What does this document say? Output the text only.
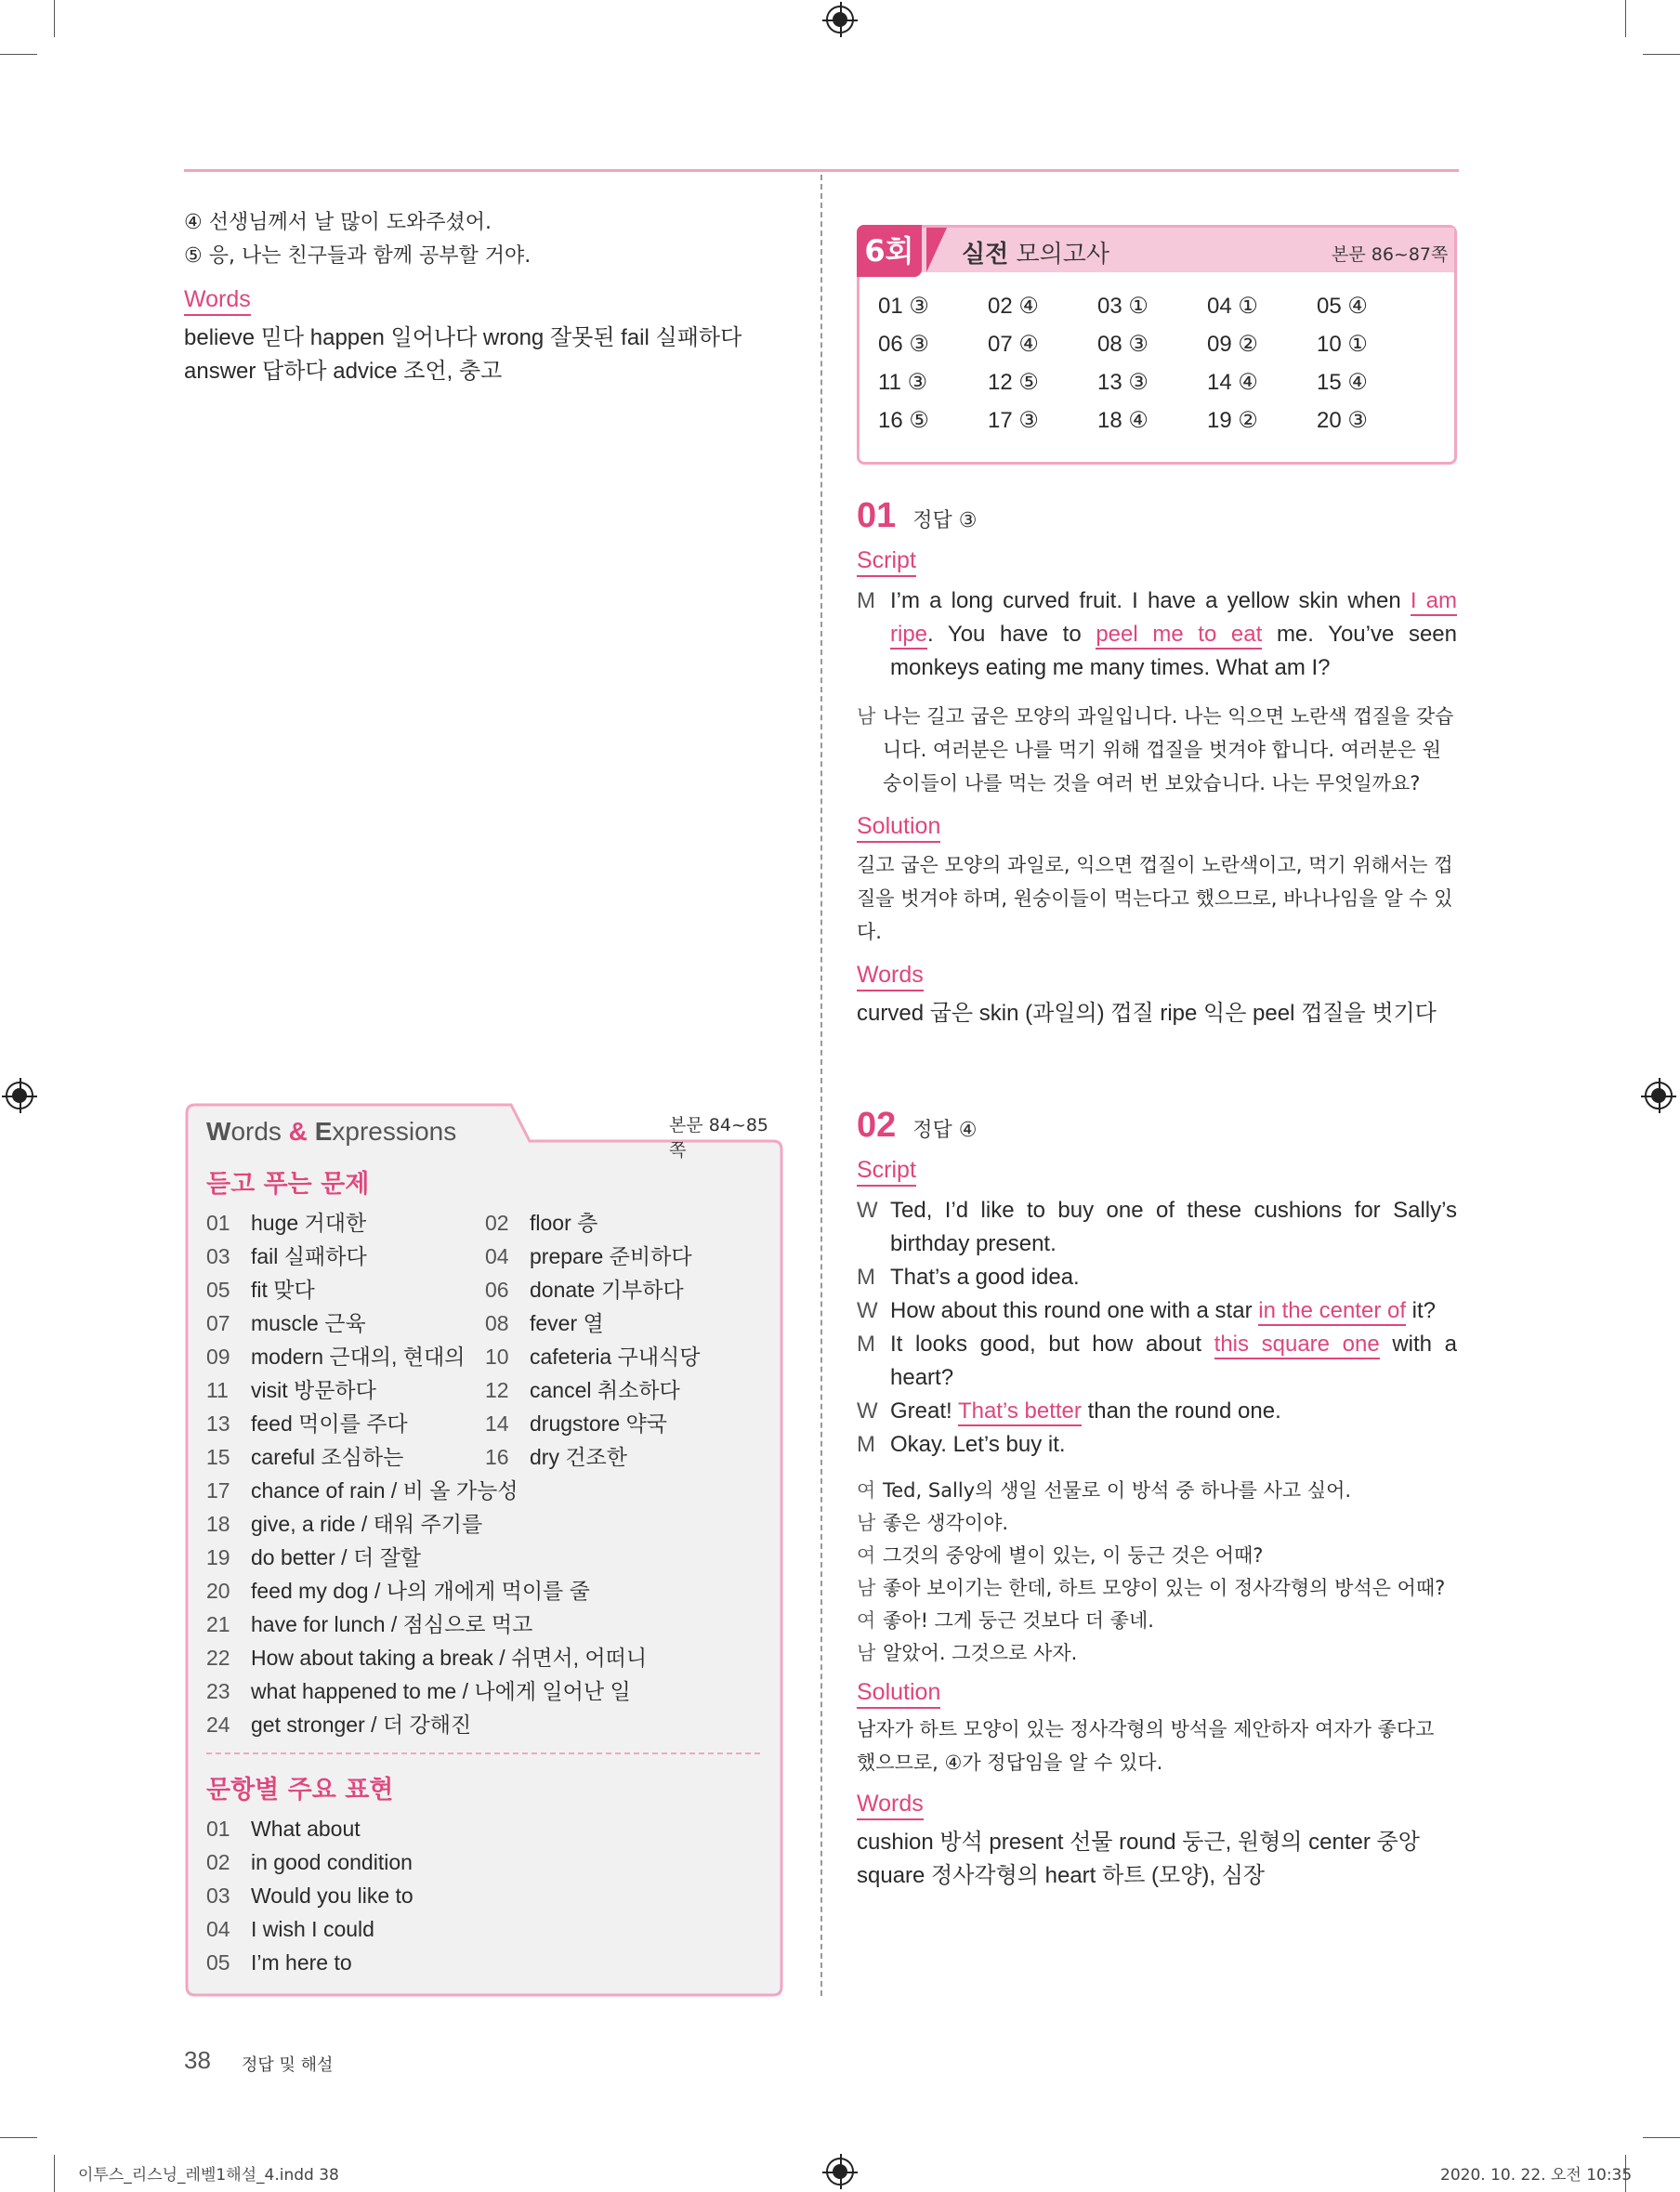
④ 선생님께서 날 많이 도와주셨어.
⑤ 응, 나는 친구들과 함께 공부할 거야.
Words
believe 믿다 happen 일어나다 wrong 잘못된 fail 실패하다
answer 답하다 advice 조언, 충고
Words & Expressions	본문 84~85쪽
듣고 푸는 문제
01 huge 거대한	02 floor 층
03 fail 실패하다	04 prepare 준비하다
05 fit 맞다	06 donate 기부하다
07 muscle 근육	08 fever 열
09 modern 근대의, 현대의 10 cafeteria 구내식당
11 visit 방문하다	12 cancel 취소하다
13 feed 먹이를 주다	14 drugstore 약국
15 careful 조심하는	16 dry 건조한
17 chance of rain / 비 올 가능성
18 give, a ride / 태워 주기를
19 do better / 더 잘할
20 feed my dog / 나의 개에게 먹이를 줄
21 have for lunch / 점심으로 먹고
22 How about taking a break / 쉬면서, 어떠니
23 what happened to me / 나에게 일어난 일
24 get stronger / 더 강해진
문항별 주요 표현
01 What about
02 in good condition
03 Would you like to
04 I wish I could
05 I’m here to
6회	실전 모의고사	본문 86~87쪽
01 ③	02 ④	03 ①	04 ①	05 ④
06 ③	07 ④	08 ③	09 ②	10 ①
11 ③	12 ⑤	13 ③	14 ④	15 ④
16 ⑤	17 ③	18 ④	19 ②	20 ③
01 정답 ③
Script
M I’m a long curved fruit. I have a yellow skin when I am ripe. You have to peel me to eat me. You’ve seen monkeys eating me many times. What am I?
남 나는 길고 굽은 모양의 과일입니다. 나는 익으면 노란색 껍질을 갖습니다. 여러분은 나를 먹기 위해 껍질을 벗겨야 합니다. 여러분은 원숭이들이 나를 먹는 것을 여러 번 보았습니다. 나는 무엇일까요?
Solution
길고 굽은 모양의 과일로, 익으면 껍질이 노란색이고, 먹기 위해서는 껍질을 벗겨야 하며, 원숭이들이 먹는다고 했으므로, 바나나임을 알 수 있다.
Words
curved 굽은 skin (과일의) 껍질 ripe 익은 peel 껍질을 벗기다
02 정답 ④
Script
W Ted, I’d like to buy one of these cushions for Sally’s birthday present.
M That’s a good idea.
W How about this round one with a star in the center of it?
M It looks good, but how about this square one with a heart?
W Great! That’s better than the round one.
M Okay. Let’s buy it.
여 Ted, Sally의 생일 선물로 이 방석 중 하나를 사고 싶어.
남 좋은 생각이야.
여 그것의 중앙에 별이 있는, 이 둥근 것은 어때?
남 좋아 보이기는 한데, 하트 모양이 있는 이 정사각형의 방석은 어때?
여 좋아! 그게 둥근 것보다 더 좋네.
남 알았어. 그것으로 사자.
Solution
남자가 하트 모양이 있는 정사각형의 방석을 제안하자 여자가 좋다고 했으므로, ④가 정답임을 알 수 있다.
Words
cushion 방석 present 선물 round 둥근, 원형의 center 중앙
square 정사각형의 heart 하트 (모양), 심장
38 정답 및 해설
이투스_리스닝_레벨1해설_4.indd 38	2020. 10. 22. 오전 10:35
